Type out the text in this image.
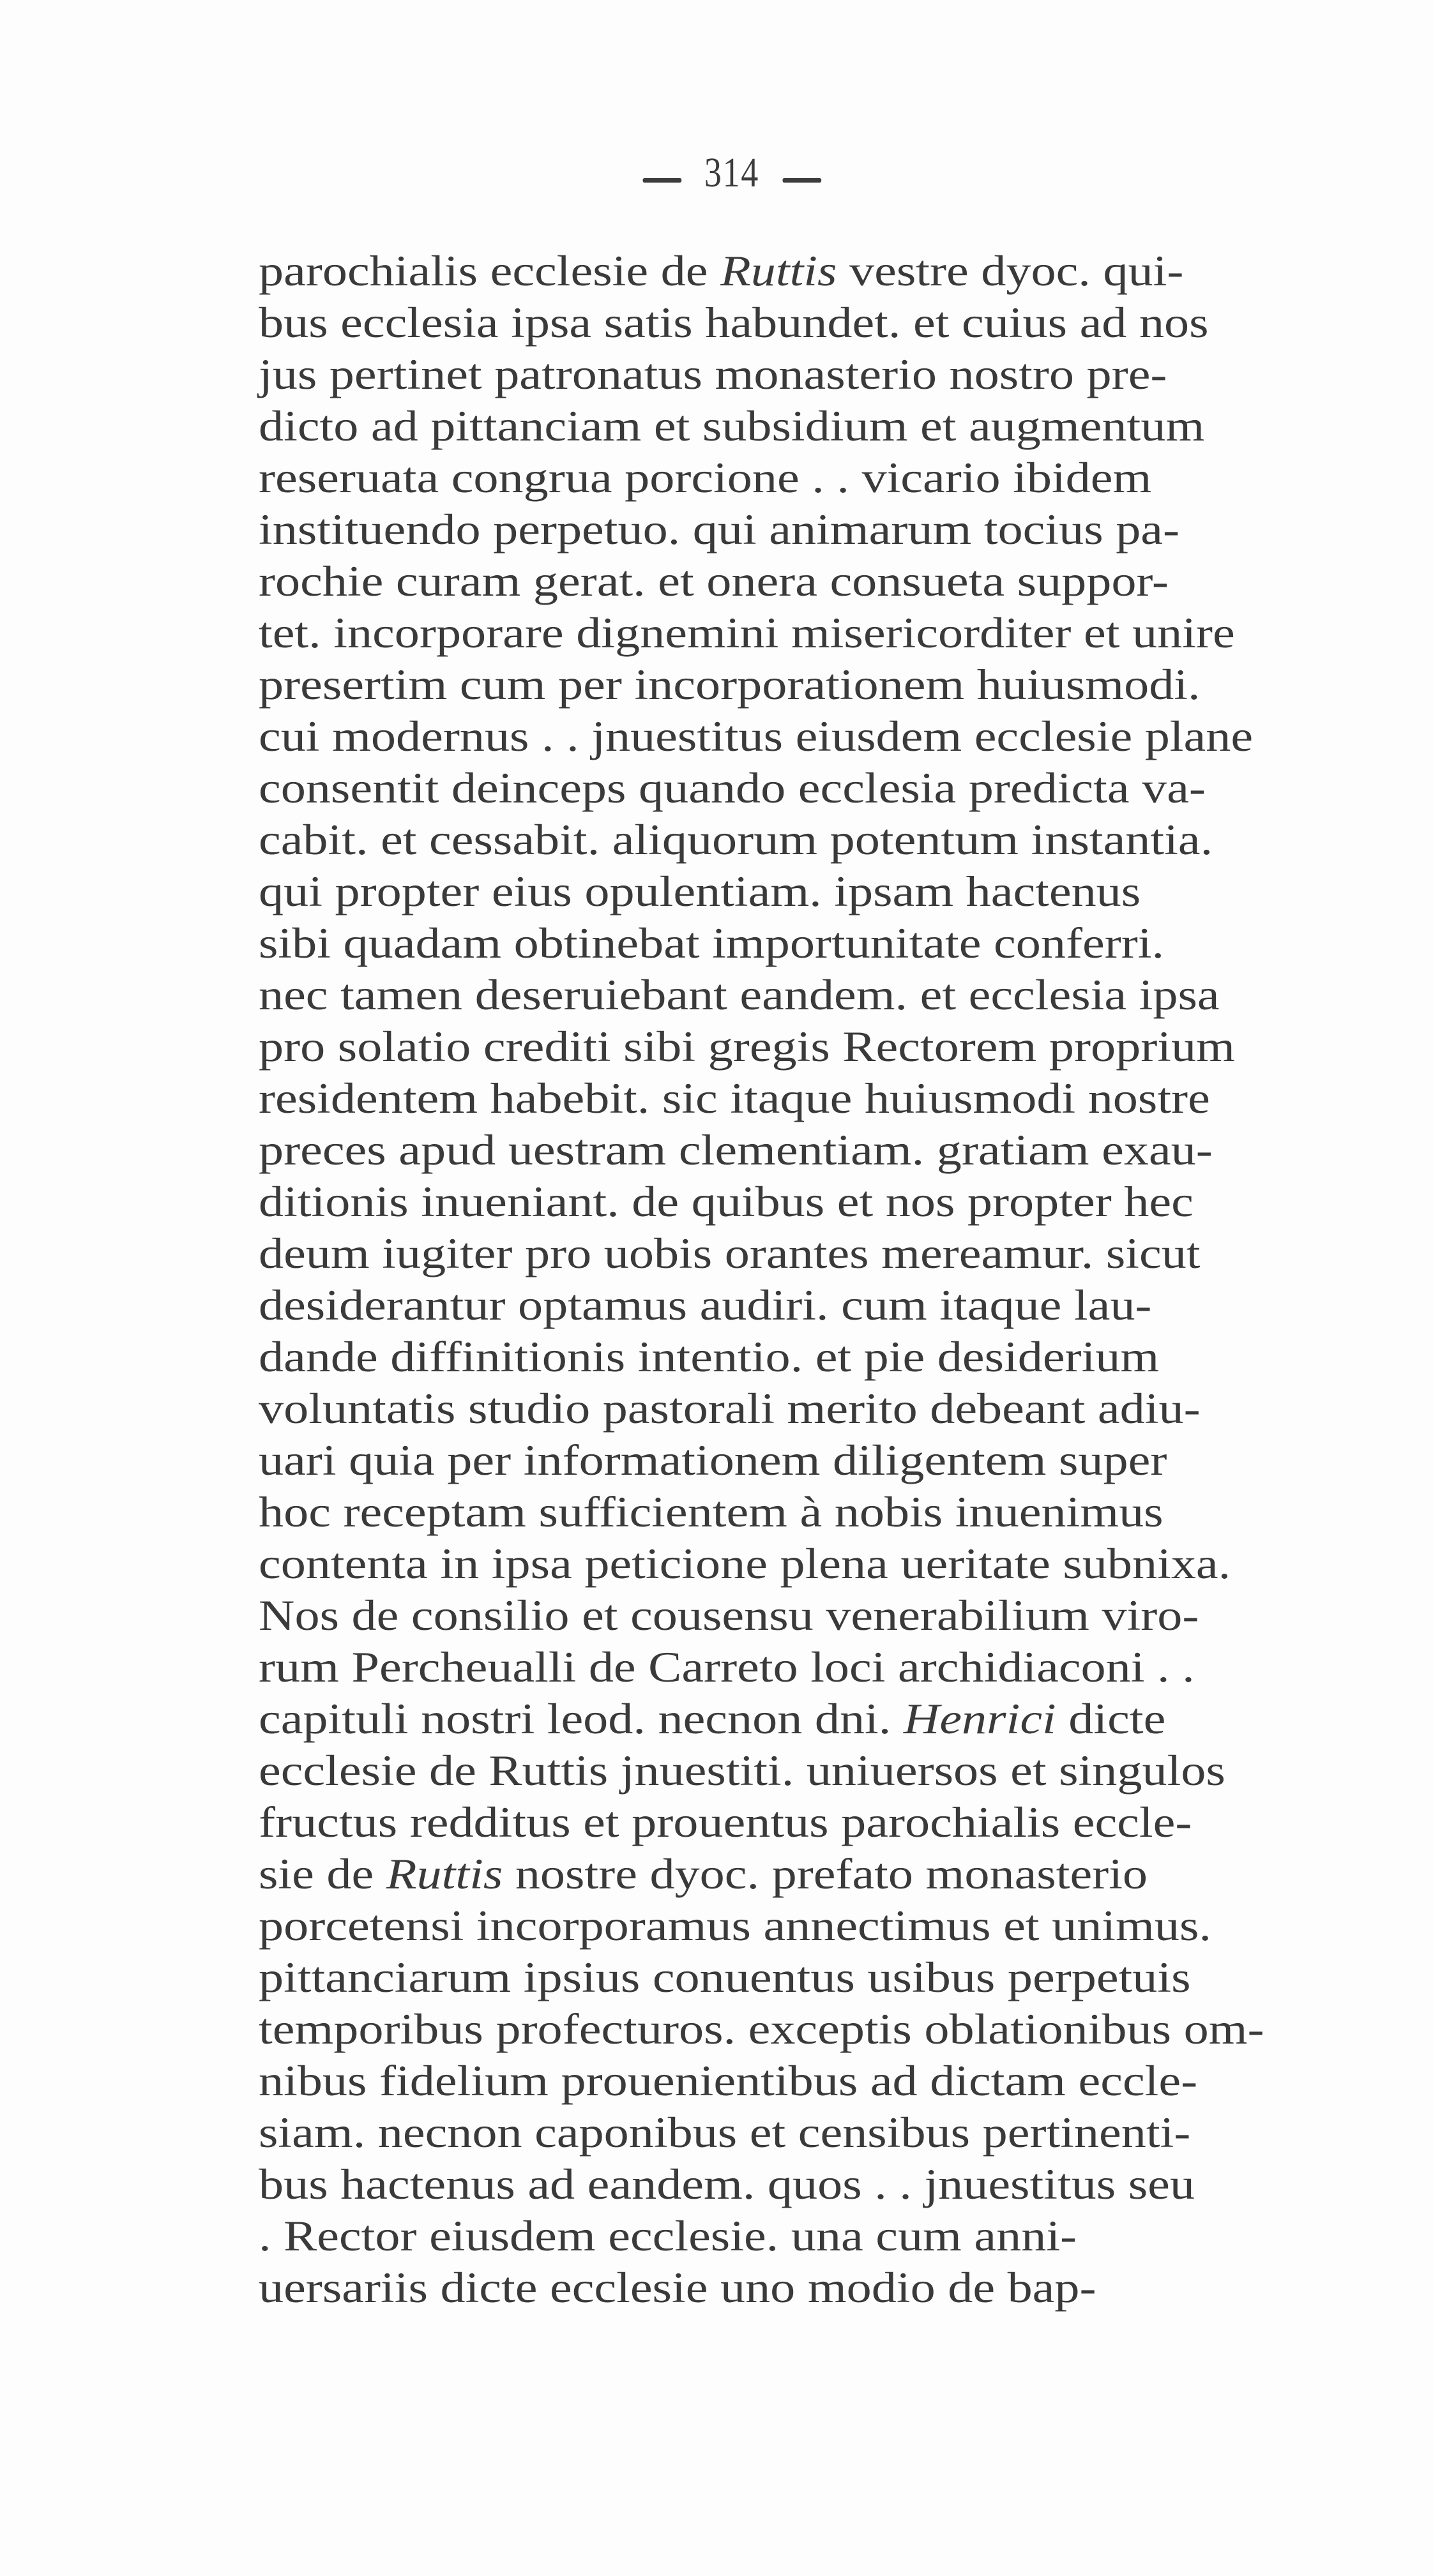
314
parochialis ecclesie de Ruttis vestre dyoc. qui-
bus ecclesia ipsa satis habundet. et cuius ad nos
jus pertinet patronatus monasterio nostro pre-
dicto ad pittanciam et subsidium et augmentum
reseruata congrua porcione . . vicario ibidem
instituendo perpetuo. qui animarum tocius pa-
rochie curam gerat. et onera consueta suppor-
tet. incorporare dignemini misericorditer et unire
presertim cum per incorporationem huiusmodi.
cui modernus . . jnuestitus eiusdem ecclesie plane
consentit deinceps quando ecclesia predicta va-
cabit. et cessabit. aliquorum potentum instantia.
qui propter eius opulentiam. ipsam hactenus
sibi quadam obtinebat importunitate conferri.
nec tamen deseruiebant eandem. et ecclesia ipsa
pro solatio crediti sibi gregis Rectorem proprium
residentem habebit. sic itaque huiusmodi nostre
preces apud uestram clementiam. gratiam exau-
ditionis inueniant. de quibus et nos propter hec
deum iugiter pro uobis orantes mereamur. sicut
desiderantur optamus audiri. cum itaque lau-
dande diffinitionis intentio. et pie desiderium
voluntatis studio pastorali merito debeant adiu-
uari quia per informationem diligentem super
hoc receptam sufficientem à nobis inuenimus
contenta in ipsa peticione plena ueritate subnixa.
Nos de consilio et cousensu venerabilium viro-
rum Percheualli de Carreto loci archidiaconi . .
capituli nostri leod. necnon dni. Henrici dicte
ecclesie de Ruttis jnuestiti. uniuersos et singulos
fructus redditus et prouentus parochialis eccle-
sie de Ruttis nostre dyoc. prefato monasterio
porcetensi incorporamus annectimus et unimus.
pittanciarum ipsius conuentus usibus perpetuis
temporibus profecturos. exceptis oblationibus om-
nibus fidelium prouenientibus ad dictam eccle-
siam. necnon caponibus et censibus pertinenti-
bus hactenus ad eandem. quos . . jnuestitus seu
. Rector eiusdem ecclesie. una cum anni-
uersariis dicte ecclesie uno modio de bap-
